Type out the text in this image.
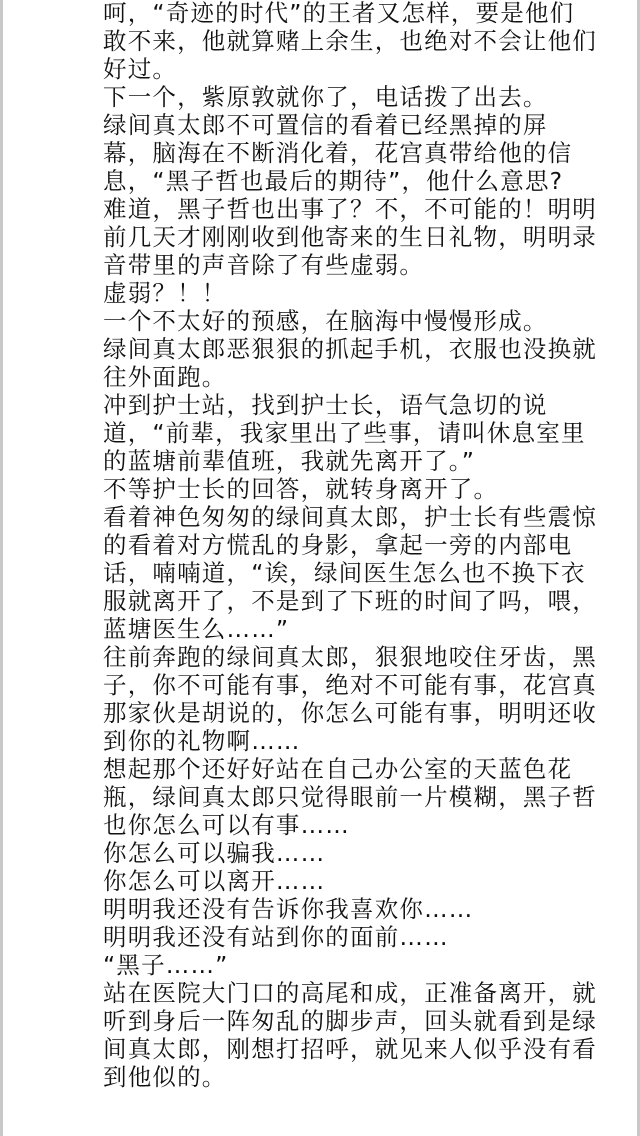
呵，“奇迹的时代”的王者又怎样，要是他们

敢不来，他就算赌上余生，也绝对不会让他们

好过。

下一个，紫原敦就你了，电话拨了出去。

绿间真太郎不可置信的看着已经黑掉的屏

幕，脑海在不断消化着，花宫真带给他的信

息，“黑子哲也最后的期待”，他什么意思?

难道，黑子哲也出事了？不，不可能的！明明

前几天才刚刚收到他寄来的生日礼物，明明录

音带里的声音除了有些虚弱。

虚弱？！！

一个不太好的预感，在脑海中慢慢形成。

绿间真太郎恶狠狠的抓起手机，衣服也没换就

往外面跑。

冲到护士站，找到护士长，语气急切的说

道，“前辈，我家里出了些事，请叫休息室里

的蓝塘前辈值班，我就先离开了。”

不等护士长的回答，就转身离开了。

看着神色匆匆的绿间真太郎，护士长有些震惊

的看着对方慌乱的身影，拿起一旁的内部电

话，喃喃道，“诶，绿间医生怎么也不换下衣

服就离开了，不是到了下班的时间了吗，喂，

蓝塘医生么……”

往前奔跑的绿间真太郎，狠狠地咬住牙齿，黑

子，你不可能有事，绝对不可能有事，花宫真

那家伙是胡说的，你怎么可能有事，明明还收

到你的礼物啊……

想起那个还好好站在自己办公室的天蓝色花

瓶，绿间真太郎只觉得眼前一片模糊，黑子哲

也你怎么可以有事……

你怎么可以骗我……

你怎么可以离开……

明明我还没有告诉你我喜欢你……

明明我还没有站到你的面前……

“黑子……”

站在医院大门口的高尾和成，正准备离开，就

听到身后一阵匆乱的脚步声，回头就看到是绿

间真太郎，刚想打招呼，就见来人似乎没有看

到他似的。
